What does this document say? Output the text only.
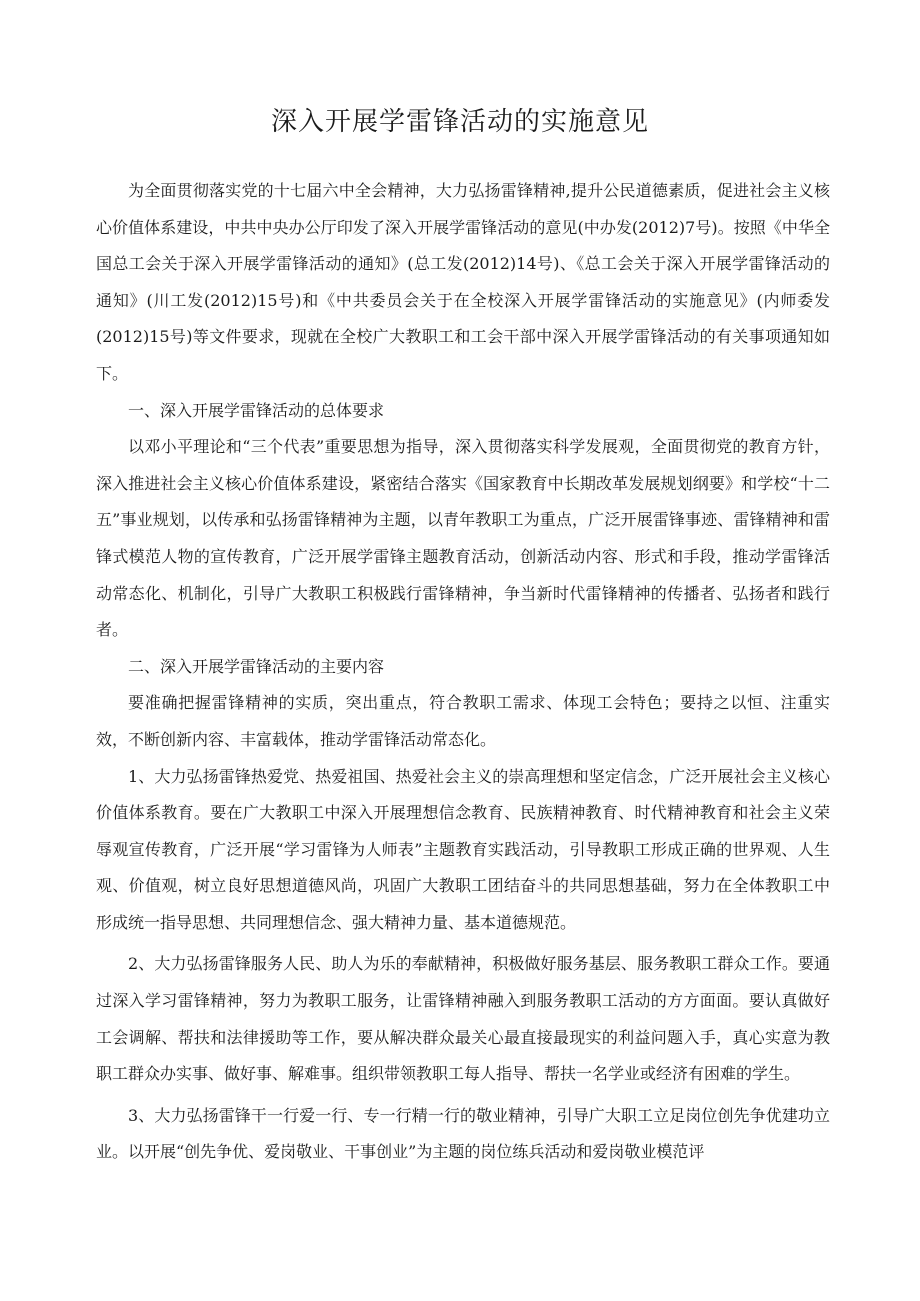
深入开展学雷锋活动的实施意见

为全面贯彻落实党的十七届六中全会精神，大力弘扬雷锋精神,提升公民道德素质，促进社会主义核心价值体系建设，中共中央办公厅印发了深入开展学雷锋活动的意见(中办发(2012)7号)。按照《中华全国总工会关于深入开展学雷锋活动的通知》(总工发(2012)14号)、《总工会关于深入开展学雷锋活动的通知》(川工发(2012)15号)和《中共委员会关于在全校深入开展学雷锋活动的实施意见》(内师委发(2012)15号)等文件要求，现就在全校广大教职工和工会干部中深入开展学雷锋活动的有关事项通知如下。

一、深入开展学雷锋活动的总体要求

以邓小平理论和“三个代表”重要思想为指导，深入贯彻落实科学发展观，全面贯彻党的教育方针，深入推进社会主义核心价值体系建设，紧密结合落实《国家教育中长期改革发展规划纲要》和学校“十二五”事业规划，以传承和弘扬雷锋精神为主题，以青年教职工为重点，广泛开展雷锋事迹、雷锋精神和雷锋式模范人物的宣传教育，广泛开展学雷锋主题教育活动，创新活动内容、形式和手段，推动学雷锋活动常态化、机制化，引导广大教职工积极践行雷锋精神，争当新时代雷锋精神的传播者、弘扬者和践行者。

二、深入开展学雷锋活动的主要内容

要准确把握雷锋精神的实质，突出重点，符合教职工需求、体现工会特色；要持之以恒、注重实效，不断创新内容、丰富载体，推动学雷锋活动常态化。

1、大力弘扬雷锋热爱党、热爱祖国、热爱社会主义的崇高理想和坚定信念，广泛开展社会主义核心价值体系教育。要在广大教职工中深入开展理想信念教育、民族精神教育、时代精神教育和社会主义荣辱观宣传教育，广泛开展“学习雷锋为人师表”主题教育实践活动，引导教职工形成正确的世界观、人生观、价值观，树立良好思想道德风尚，巩固广大教职工团结奋斗的共同思想基础，努力在全体教职工中形成统一指导思想、共同理想信念、强大精神力量、基本道德规范。

2、大力弘扬雷锋服务人民、助人为乐的奉献精神，积极做好服务基层、服务教职工群众工作。要通过深入学习雷锋精神，努力为教职工服务，让雷锋精神融入到服务教职工活动的方方面面。要认真做好工会调解、帮扶和法律援助等工作，要从解决群众最关心最直接最现实的利益问题入手，真心实意为教职工群众办实事、做好事、解难事。组织带领教职工每人指导、帮扶一名学业或经济有困难的学生。

3、大力弘扬雷锋干一行爱一行、专一行精一行的敬业精神，引导广大职工立足岗位创先争优建功立业。以开展“创先争优、爱岗敬业、干事创业”为主题的岗位练兵活动和爱岗敬业模范评
